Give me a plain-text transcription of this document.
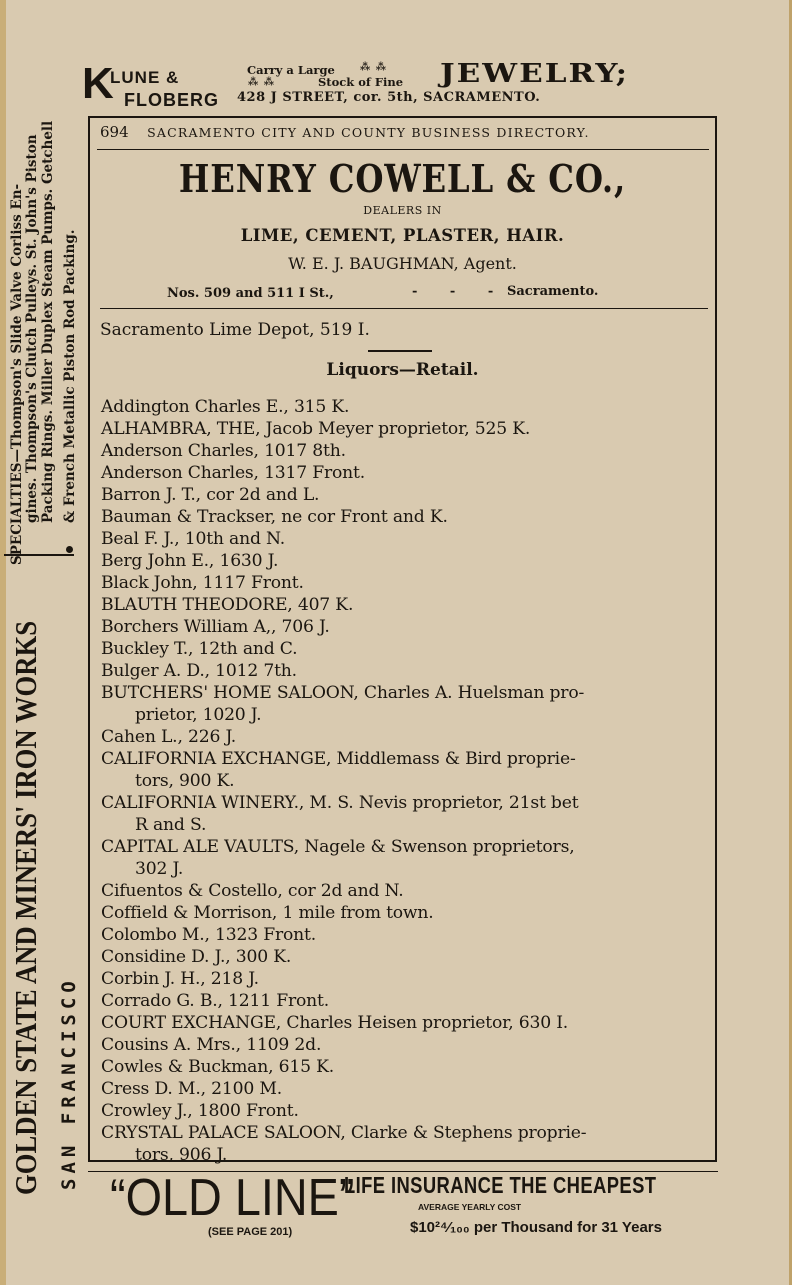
GOLDEN STATE AND MINERS' IRON WORKS SAN FRANCISCO
SPECIALTIES—Thompson's Slide Valve Corliss En- gines. Thompson's Clutch Pulleys. St. John's Piston Packing Rings. Miller Duplex Steam Pumps. Getchell & French Metallic Piston Rod Packing.
K
LUNE &
FLOBERG
Carry a Large
Stock of Fine
⁂ ⁂
⁂ ⁂	JEWELRY;
428 J STREET, cor. 5th, SACRAMENTO.
694 SACRAMENTO CITY AND COUNTY BUSINESS DIRECTORY.
HENRY COWELL & CO.,
DEALERS IN
LIME, CEMENT, PLASTER, HAIR.
W. E. J. BAUGHMAN, Agent.
Nos. 509 and 511 I St.,	- - - Sacramento.
Sacramento Lime Depot, 519 I.
Liquors—Retail.
Addington Charles E., 315 K.
ALHAMBRA, THE, Jacob Meyer proprietor, 525 K.
Anderson Charles, 1017 8th.
Anderson Charles, 1317 Front.
Barron J. T., cor 2d and L.
Bauman & Trackser, ne cor Front and K.
Beal F. J., 10th and N.
Berg John E., 1630 J.
Black John, 1117 Front.
BLAUTH THEODORE, 407 K.
Borchers William A,, 706 J.
Buckley T., 12th and C.
Bulger A. D., 1012 7th.
BUTCHERS' HOME SALOON, Charles A. Huelsman pro-
prietor, 1020 J.
Cahen L., 226 J.
CALIFORNIA EXCHANGE, Middlemass & Bird proprie-
tors, 900 K.
CALIFORNIA WINERY., M. S. Nevis proprietor, 21st bet
R and S.
CAPITAL ALE VAULTS, Nagele & Swenson proprietors,
302 J.
Cifuentos & Costello, cor 2d and N.
Coffield & Morrison, 1 mile from town.
Colombo M., 1323 Front.
Considine D. J., 300 K.
Corbin J. H., 218 J.
Corrado G. B., 1211 Front.
COURT EXCHANGE, Charles Heisen proprietor, 630 I.
Cousins A. Mrs., 1109 2d.
Cowles & Buckman, 615 K.
Cress D. M., 2100 M.
Crowley J., 1800 Front.
CRYSTAL PALACE SALOON, Clarke & Stephens proprie-
tors, 906 J.
“OLD LINE”
(SEE PAGE 201)
LIFE INSURANCE THE CHEAPEST
AVERAGE YEARLY COST
$10²⁴⁄₁₀₀ per Thousand for 31 Years
